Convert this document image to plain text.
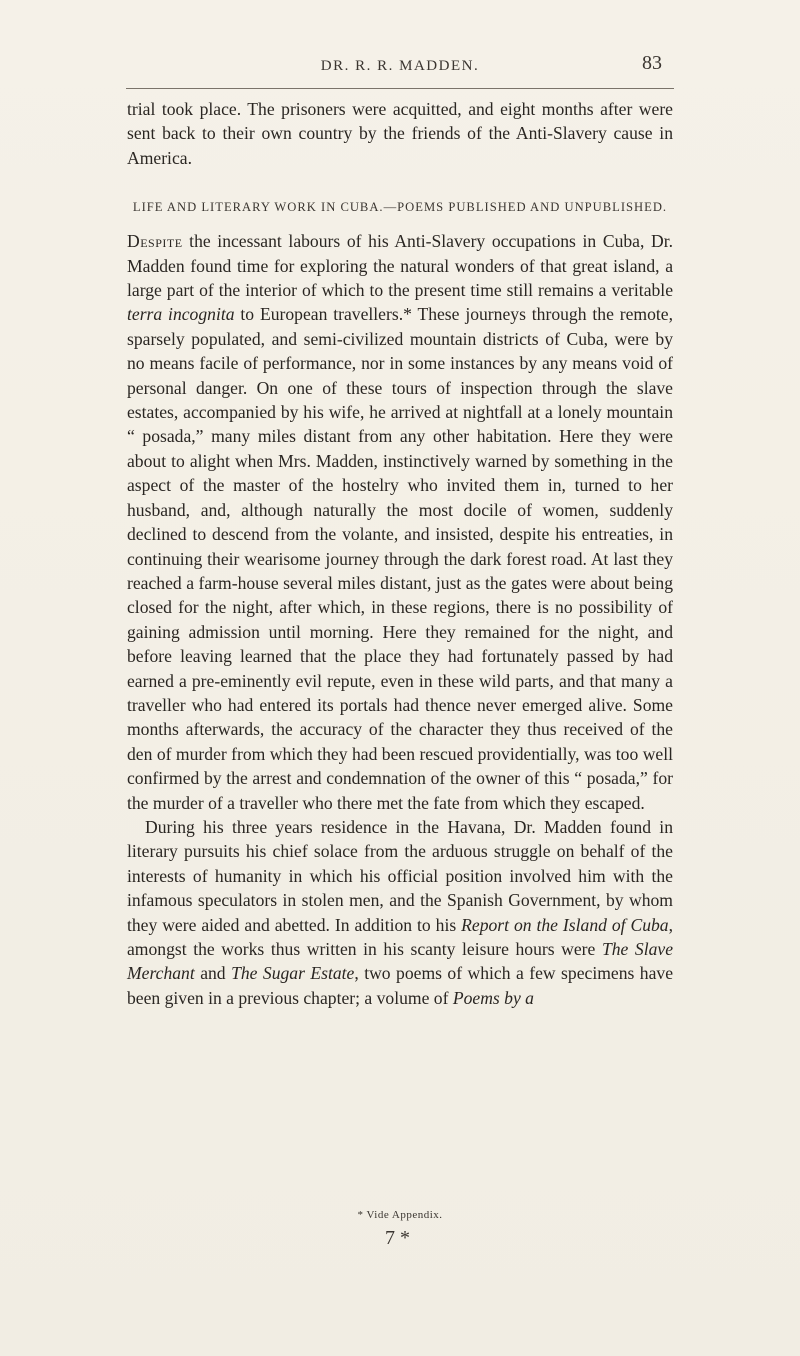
DR. R. R. MADDEN.	83

trial took place. The prisoners were acquitted, and eight months after were sent back to their own country by the friends of the Anti-Slavery cause in America.

LIFE AND LITERARY WORK IN CUBA.—POEMS PUBLISHED AND UNPUBLISHED.

Despite the incessant labours of his Anti-Slavery occupations in Cuba, Dr. Madden found time for exploring the natural wonders of that great island, a large part of the interior of which to the present time still remains a veritable terra incognita to European travellers.* These journeys through the remote, sparsely populated, and semi-civilized mountain districts of Cuba, were by no means facile of performance, nor in some instances by any means void of personal danger. On one of these tours of inspection through the slave estates, accompanied by his wife, he arrived at nightfall at a lonely mountain “ posada,” many miles distant from any other habitation. Here they were about to alight when Mrs. Madden, instinctively warned by something in the aspect of the master of the hostelry who invited them in, turned to her husband, and, although naturally the most docile of women, suddenly declined to descend from the volante, and insisted, despite his entreaties, in continuing their wearisome journey through the dark forest road. At last they reached a farm-house several miles distant, just as the gates were about being closed for the night, after which, in these regions, there is no possibility of gaining admission until morning. Here they remained for the night, and before leaving learned that the place they had fortunately passed by had earned a pre-eminently evil repute, even in these wild parts, and that many a traveller who had entered its portals had thence never emerged alive. Some months afterwards, the accuracy of the character they thus received of the den of murder from which they had been rescued providentially, was too well confirmed by the arrest and condemnation of the owner of this “ posada,” for the murder of a traveller who there met the fate from which they escaped.

During his three years residence in the Havana, Dr. Madden found in literary pursuits his chief solace from the arduous struggle on behalf of the interests of humanity in which his official position involved him with the infamous speculators in stolen men, and the Spanish Government, by whom they were aided and abetted. In addition to his Report on the Island of Cuba, amongst the works thus written in his scanty leisure hours were The Slave Merchant and The Sugar Estate, two poems of which a few specimens have been given in a previous chapter; a volume of Poems by a

* Vide Appendix.
7 *
